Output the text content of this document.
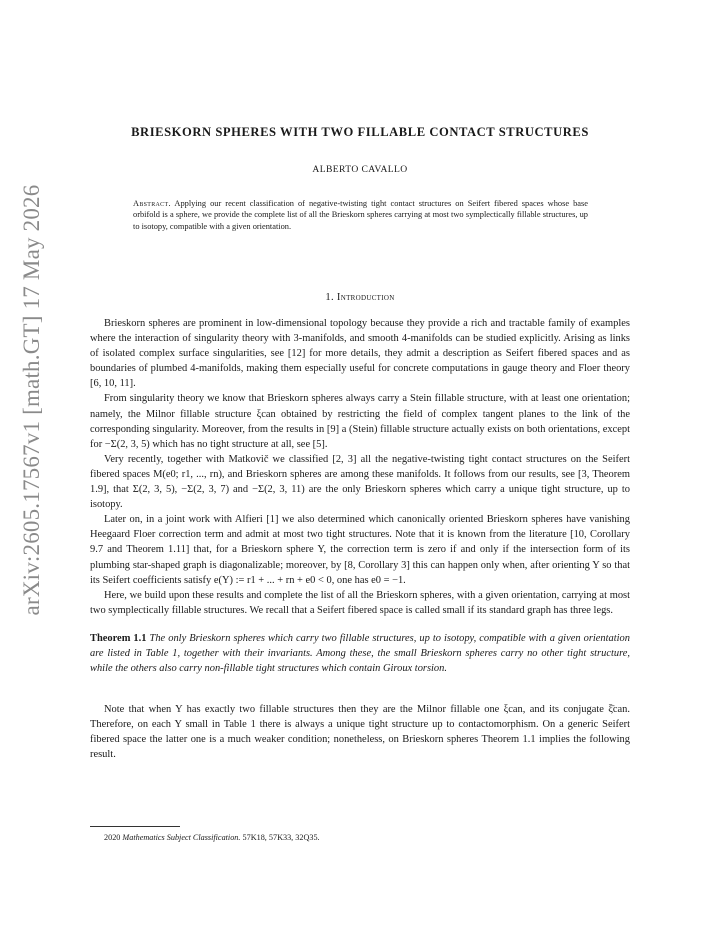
arXiv:2605.17567v1 [math.GT] 17 May 2026
BRIESKORN SPHERES WITH TWO FILLABLE CONTACT STRUCTURES
ALBERTO CAVALLO
Abstract. Applying our recent classification of negative-twisting tight contact structures on Seifert fibered spaces whose base orbifold is a sphere, we provide the complete list of all the Brieskorn spheres carrying at most two symplectically fillable structures, up to isotopy, compatible with a given orientation.
1. Introduction

Brieskorn spheres are prominent in low-dimensional topology because they provide a rich and tractable family of examples where the interaction of singularity theory with 3-manifolds, and smooth 4-manifolds can be studied explicitly. Arising as links of isolated complex surface singularities, see [12] for more details, they admit a description as Seifert fibered spaces and as boundaries of plumbed 4-manifolds, making them especially useful for concrete computations in gauge theory and Floer theory [6, 10, 11].

From singularity theory we know that Brieskorn spheres always carry a Stein fillable structure, with at least one orientation; namely, the Milnor fillable structure ξcan obtained by restricting the field of complex tangent planes to the link of the corresponding singularity. Moreover, from the results in [9] a (Stein) fillable structure actually exists on both orientations, except for −Σ(2, 3, 5) which has no tight structure at all, see [5].

Very recently, together with Matkovič we classified [2, 3] all the negative-twisting tight contact structures on the Seifert fibered spaces M(e0; r1, ..., rn), and Brieskorn spheres are among these manifolds. It follows from our results, see [3, Theorem 1.9], that Σ(2, 3, 5), −Σ(2, 3, 7) and −Σ(2, 3, 11) are the only Brieskorn spheres which carry a unique tight structure, up to isotopy.

Later on, in a joint work with Alfieri [1] we also determined which canonically oriented Brieskorn spheres have vanishing Heegaard Floer correction term and admit at most two tight structures. Note that it is known from the literature [10, Corollary 9.7 and Theorem 1.11] that, for a Brieskorn sphere Y, the correction term is zero if and only if the intersection form of its plumbing star-shaped graph is diagonalizable; moreover, by [8, Corollary 3] this can happen only when, after orienting Y so that its Seifert coefficients satisfy e(Y) := r1 + ... + rn + e0 < 0, one has e0 = −1.

Here, we build upon these results and complete the list of all the Brieskorn spheres, with a given orientation, carrying at most two symplectically fillable structures. We recall that a Seifert fibered space is called small if its standard graph has three legs.

Theorem 1.1 The only Brieskorn spheres which carry two fillable structures, up to isotopy, compatible with a given orientation are listed in Table 1, together with their invariants. Among these, the small Brieskorn spheres carry no other tight structure, while the others also carry non-fillable tight structures which contain Giroux torsion.

Note that when Y has exactly two fillable structures then they are the Milnor fillable one ξcan, and its conjugate ξ̄can. Therefore, on each Y small in Table 1 there is always a unique tight structure up to contactomorphism. On a generic Seifert fibered space the latter one is a much weaker condition; nonetheless, on Brieskorn spheres Theorem 1.1 implies the following result.

2020 Mathematics Subject Classification. 57K18, 57K33, 32Q35.
